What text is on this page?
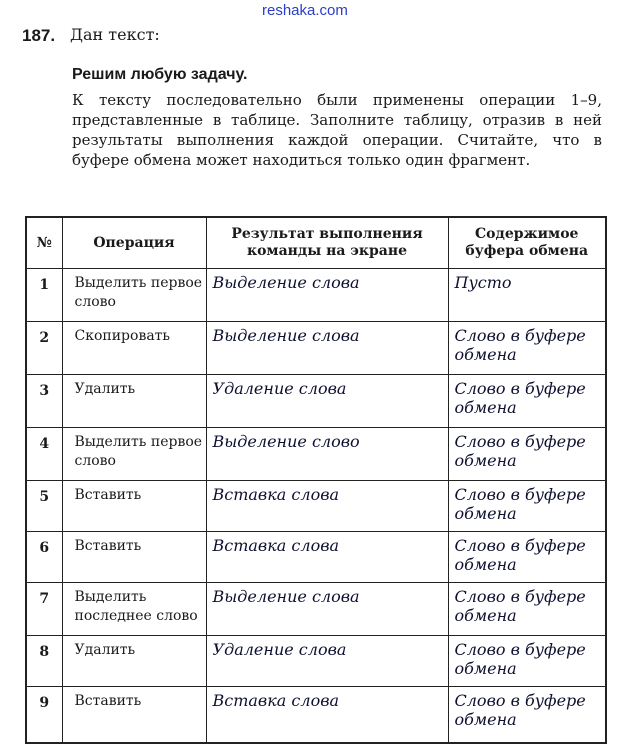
reshaka.com
187. Дан текст:
Решим любую задачу.
К тексту последовательно были применены операции 1–9, представленные в таблице. Заполните таблицу, отразив в ней результаты выполнения каждой операции. Считайте, что в буфере обмена может находиться только один фрагмент.
№	Операция	Результат выполнения команды на экране	Содержимое буфера обмена
1	Выделить первое слово	Выделение слова	Пусто

2	Скопировать	Выделение слова	Слово в буфере обмена

3	Удалить	Удаление слова	Слово в буфере обмена

4	Выделить первое слово	Выделение слово	Слово в буфере обмена

5	Вставить	Вставка слова	Слово в буфере обмена

6	Вставить	Вставка слова	Слово в буфере обмена

7	Выделить последнее слово	Выделение слова	Слово в буфере обмена

8	Удалить	Удаление слова	Слово в буфере обмена

9	Вставить	Вставка слова	Слово в буфере обмена
